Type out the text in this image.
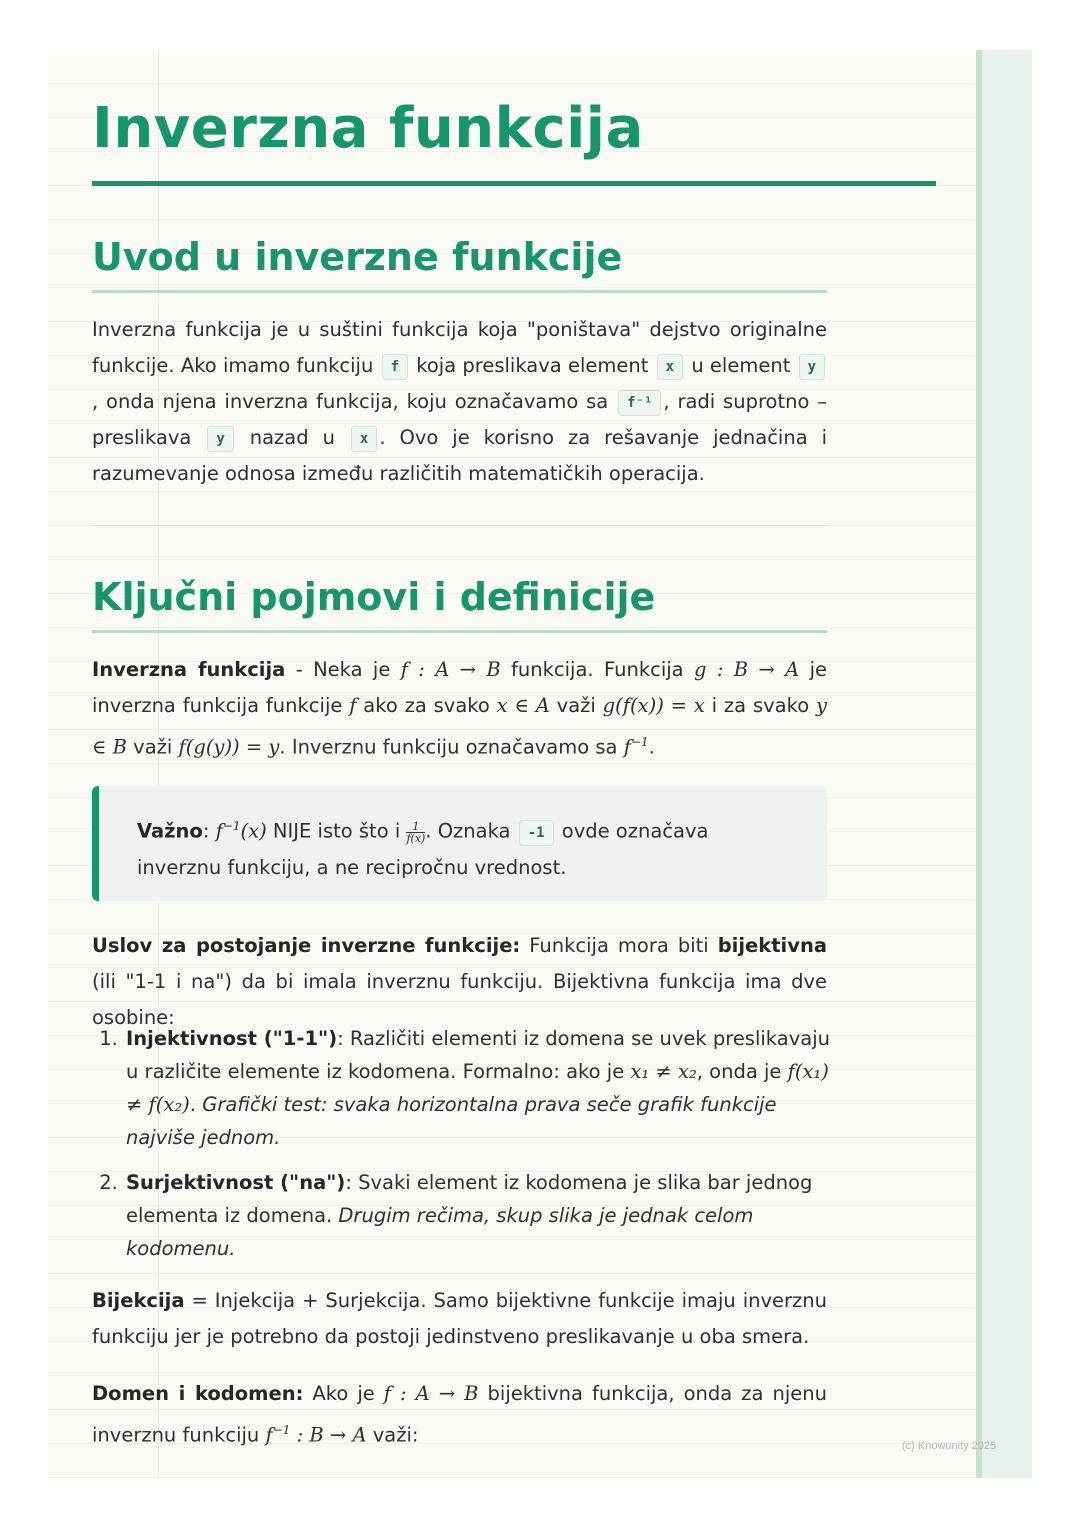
Inverzna funkcija
Uvod u inverzne funkcije

Inverzna funkcija je u suštini funkcija koja "poništava" dejstvo originalne funkcije. Ako imamo funkciju f koja preslikava element x u element y, onda njena inverzna funkcija, koju označavamo sa f⁻¹ , radi suprotno – preslikava y nazad u x . Ovo je korisno za rešavanje jednačina i razumevanje odnosa između različitih matematičkih operacija.

Ključni pojmovi i definicije

Inverzna funkcija - Neka je f : A → B funkcija. Funkcija g : B → A je inverzna funkcija funkcije f ako za svako x ∈ A važi g(f(x)) = x i za svako y ∈ B važi f(g(y)) = y. Inverznu funkciju označavamo sa $f^{-1}$.

Važno: $f^{-1}(x)$ NIJE isto što i $\frac{1}{f(x)}$ . Oznaka -1 ovde označava inverznu funkciju, a ne recipročnu vrednost.

Uslov za postojanje inverzne funkcije: Funkcija mora biti bijektivna (ili "1-1 i na") da bi imala inverznu funkciju. Bijektivna funkcija ima dve osobine:

1. Injektivnost ("1-1"): Različiti elementi iz domena se uvek preslikavaju u različite elemente iz kodomena. Formalno: ako je x₁ ≠ x₂, onda je f(x₁) ≠ f(x₂). Grafički test: svaka horizontalna prava seče grafik funkcije najviše jednom.
2. Surjektivnost ("na"): Svaki element iz kodomena je slika bar jednog elementa iz domena. Drugim rečima, skup slika je jednak celom kodomenu.

Bijekcija = Injekcija + Surjekcija. Samo bijektivne funkcije imaju inverznu funkciju jer je potrebno da postoji jedinstveno preslikavanje u oba smera.

Domen i kodomen: Ako je f : A → B bijektivna funkcija, onda za njenu inverznu funkciju $f^{-1}$ : B → A važi:	(c) Knowunity 2025
